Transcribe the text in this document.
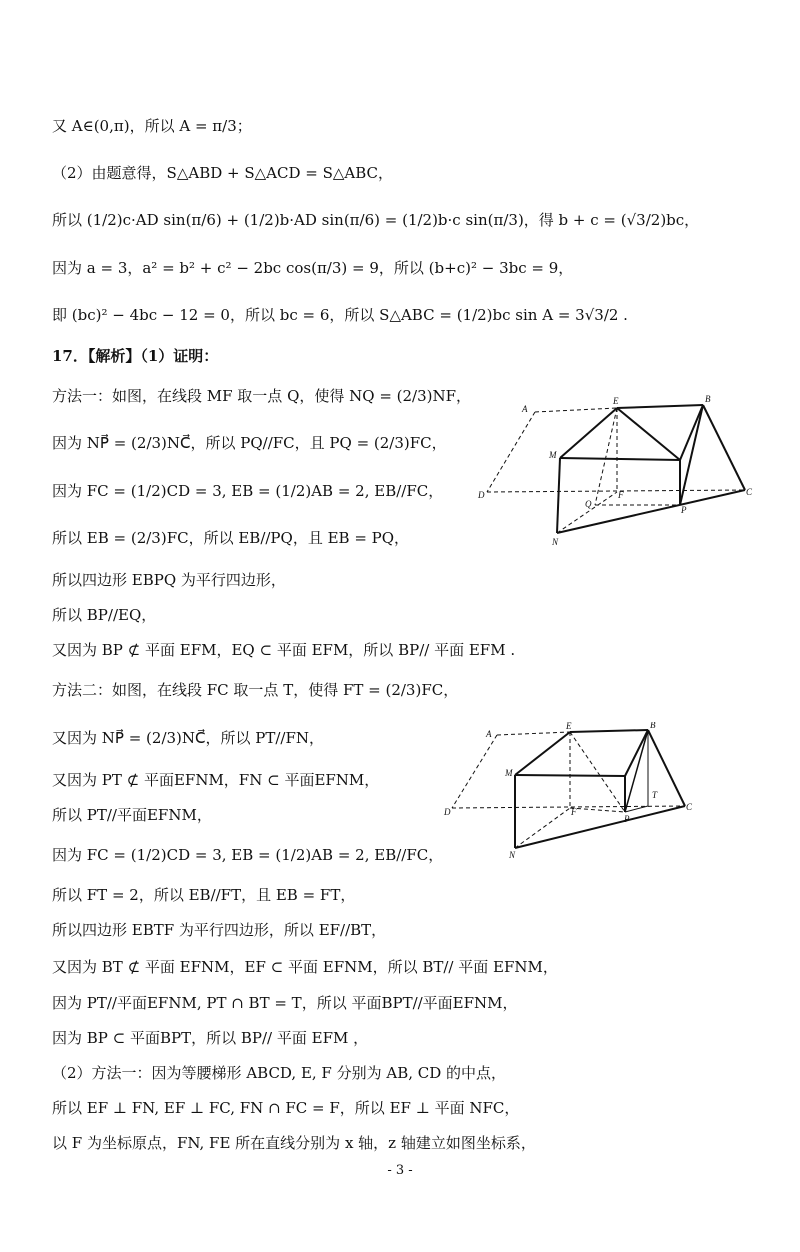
又 A∈(0,π)，所以 A = π/3；
（2）由题意得，S△ABD + S△ACD = S△ABC，
所以 (1/2)c·AD sin(π/6) + (1/2)b·AD sin(π/6) = (1/2)b·c sin(π/3)，得 b + c = (√3/2)bc，
因为 a = 3，a² = b² + c² − 2bc cos(π/3) = 9，所以 (b+c)² − 3bc = 9，
即 (bc)² − 4bc − 12 = 0，所以 bc = 6，所以 S△ABC = (1/2)bc sin A = 3√3/2 .
17．【解析】（1）证明：
方法一：如图，在线段 MF 取一点 Q，使得 NQ = (2/3)NF，
因为 NP⃗ = (2/3)NC⃗，所以 PQ//FC，且 PQ = (2/3)FC，
因为 FC = (1/2)CD = 3, EB = (1/2)AB = 2, EB//FC，
所以 EB = (2/3)FC，所以 EB//PQ，且 EB = PQ，
所以四边形 EBPQ 为平行四边形，
所以 BP//EQ，
又因为 BP ⊄ 平面 EFM，EQ ⊂ 平面 EFM，所以 BP// 平面 EFM .
方法二：如图，在线段 FC 取一点 T，使得 FT = (2/3)FC，
又因为 NP⃗ = (2/3)NC⃗，所以 PT//FN，
又因为 PT ⊄ 平面EFNM，FN ⊂ 平面EFNM，
所以 PT//平面EFNM，
因为 FC = (1/2)CD = 3, EB = (1/2)AB = 2, EB//FC，
所以 FT = 2，所以 EB//FT，且 EB = FT，
所以四边形 EBTF 为平行四边形，所以 EF//BT，
又因为 BT ⊄ 平面 EFNM，EF ⊂ 平面 EFNM，所以 BT// 平面 EFNM，
因为 PT//平面EFNM, PT ∩ BT = T，所以 平面BPT//平面EFNM，
因为 BP ⊂ 平面BPT，所以 BP// 平面 EFM ，
（2）方法一：因为等腰梯形 ABCD, E, F 分别为 AB, CD 的中点，
所以 EF ⊥ FN, EF ⊥ FC, FN ∩ FC = F，所以 EF ⊥ 平面 NFC，
以 F 为坐标原点，FN, FE 所在直线分别为 x 轴，z 轴建立如图坐标系，
A
E	B
M
D	F	C
Q
P
N
A
E	B
M
T
D	F
P
C
N
- 3 -
